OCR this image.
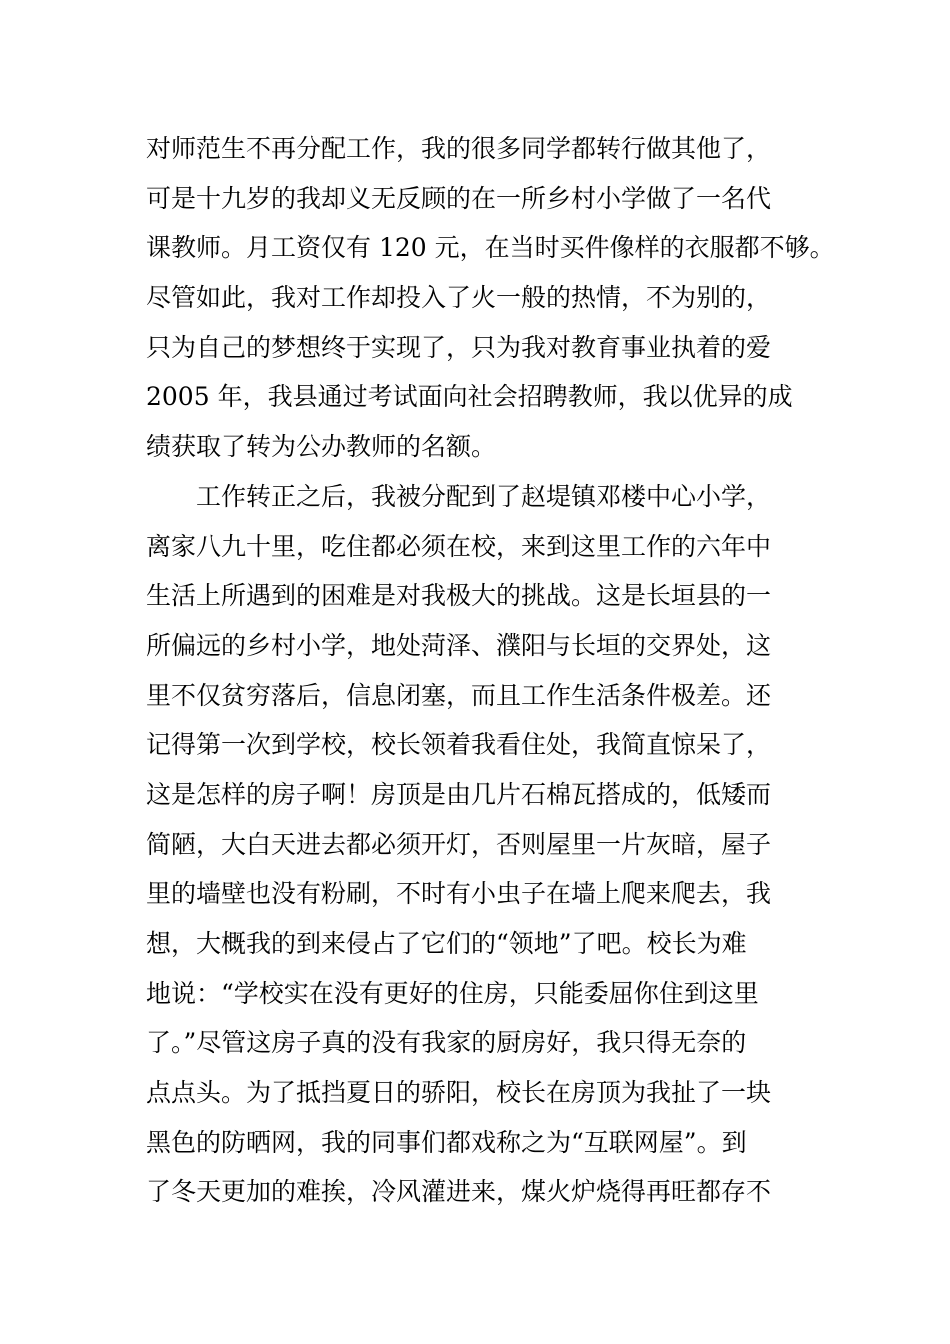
对师范生不再分配工作，我的很多同学都转行做其他了，
可是十九岁的我却义无反顾的在一所乡村小学做了一名代
课教师。月工资仅有 120 元，在当时买件像样的衣服都不够。
尽管如此，我对工作却投入了火一般的热情，不为别的，
只为自己的梦想终于实现了，只为我对教育事业执着的爱
2005 年，我县通过考试面向社会招聘教师，我以优异的成
绩获取了转为公办教师的名额。
工作转正之后，我被分配到了赵堤镇邓楼中心小学，
离家八九十里，吃住都必须在校，来到这里工作的六年中
生活上所遇到的困难是对我极大的挑战。这是长垣县的一
所偏远的乡村小学，地处菏泽、濮阳与长垣的交界处，这
里不仅贫穷落后，信息闭塞，而且工作生活条件极差。还
记得第一次到学校，校长领着我看住处，我简直惊呆了，
这是怎样的房子啊！房顶是由几片石棉瓦搭成的，低矮而
简陋，大白天进去都必须开灯，否则屋里一片灰暗，屋子
里的墙壁也没有粉刷，不时有小虫子在墙上爬来爬去，我
想，大概我的到来侵占了它们的“领地”了吧。校长为难
地说：“学校实在没有更好的住房，只能委屈你住到这里
了。”尽管这房子真的没有我家的厨房好，我只得无奈的
点点头。为了抵挡夏日的骄阳，校长在房顶为我扯了一块
黑色的防晒网，我的同事们都戏称之为“互联网屋”。到
了冬天更加的难挨，冷风灌进来，煤火炉烧得再旺都存不
